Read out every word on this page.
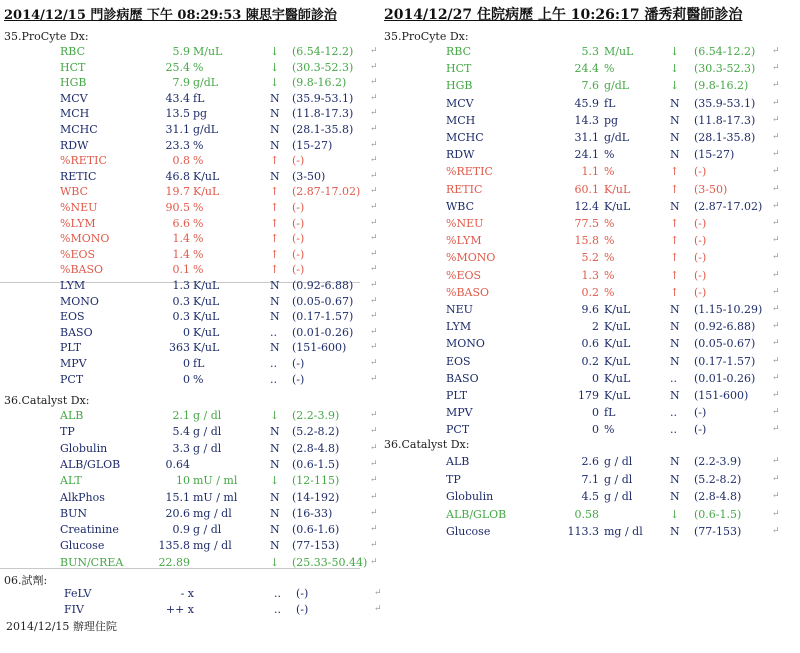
2014/12/15 門診病歷 下午 08:29:53 陳思宇醫師診治
35.ProCyte Dx:
36.Catalyst Dx:
06.試劑:
2014/12/15 辦理住院
RBC	5.9 M/uL	↓ (6.54-12.2) ↵
HCT	25.4 %	↓ (30.3-52.3) ↵
HGB	7.9 g/dL	↓ (9.8-16.2)	↵
MCV	43.4 fL	N (35.9-53.1) ↵
MCH	13.5 pg	N (11.8-17.3) ↵
MCHC	31.1 g/dL	N (28.1-35.8) ↵
RDW	23.3 %	N (15-27)	↵
%RETIC	0.8 %	↑ (-)	↵
RETIC	46.8 K/uL	N (3-50)	↵
WBC	19.7 K/uL	↑ (2.87-17.02) ↵
%NEU	90.5 %	↑ (-)	↵
%LYM	6.6 %	↑ (-)	↵
%MONO	1.4 %	↑ (-)	↵
%EOS	1.4 %	↑ (-)	↵
%BASO	0.1 %	↑ (-)	↵
LYM	1.3 K/uL	N (0.92-6.88) ↵
MONO	0.3 K/uL	N (0.05-0.67) ↵
EOS	0.3 K/uL	N (0.17-1.57) ↵
BASO	0 K/uL	.. (0.01-0.26) ↵
PLT	363 K/uL	N (151-600)	↵
MPV	0 fL	.. (-)	↵
PCT	0 %	.. (-)	↵
ALB	2.1 g / dl	↓ (2.2-3.9)	↵
TP	5.4 g / dl	N (5.2-8.2)	↵
Globulin	3.3 g / dl	N (2.8-4.8)	↵
ALB/GLOB	0.64	N (0.6-1.5)	↵
ALT	10 mU / ml	↓ (12-115)	↵
AlkPhos	15.1 mU / ml	N (14-192)	↵
BUN	20.6 mg / dl	N (16-33)	↵
Creatinine	0.9 g / dl	N (0.6-1.6)	↵
Glucose	135.8 mg / dl	N (77-153)	↵
BUN/CREA	22.89	↓ (25.33-50.44) ↵
FeLV	- x	.. (-)	↵
FIV	++ x	.. (-)	↵
2014/12/27 住院病歷 上午 10:26:17 潘秀莉醫師診治
35.ProCyte Dx:
36.Catalyst Dx:
RBC	5.3 M/uL	↓ (6.54-12.2) ↵
HCT	24.4 %	↓ (30.3-52.3) ↵
HGB	7.6 g/dL	↓ (9.8-16.2)	↵
MCV	45.9 fL	N (35.9-53.1) ↵
MCH	14.3 pg	N (11.8-17.3) ↵
MCHC	31.1 g/dL	N (28.1-35.8) ↵
RDW	24.1 %	N (15-27)	↵
%RETIC	1.1 %	↑ (-)	↵
RETIC	60.1 K/uL	↑ (3-50)	↵
WBC	12.4 K/uL	N (2.87-17.02) ↵
%NEU	77.5 %	↑ (-)	↵
%LYM	15.8 %	↑ (-)	↵
%MONO	5.2 %	↑ (-)	↵
%EOS	1.3 %	↑ (-)	↵
%BASO	0.2 %	↑ (-)	↵
NEU	9.6 K/uL	N (1.15-10.29) ↵
LYM	2 K/uL	N (0.92-6.88) ↵
MONO	0.6 K/uL	N (0.05-0.67) ↵
EOS	0.2 K/uL	N (0.17-1.57) ↵
BASO	0 K/uL	.. (0.01-0.26) ↵
PLT	179 K/uL	N (151-600)	↵
MPV	0 fL	.. (-)	↵
PCT	0 %	.. (-)	↵
ALB	2.6 g / dl	N (2.2-3.9)	↵
TP	7.1 g / dl	N (5.2-8.2)	↵
Globulin	4.5 g / dl	N (2.8-4.8)	↵
ALB/GLOB	0.58	↓ (0.6-1.5)	↵
Glucose	113.3 mg / dl N (77-153)	↵
